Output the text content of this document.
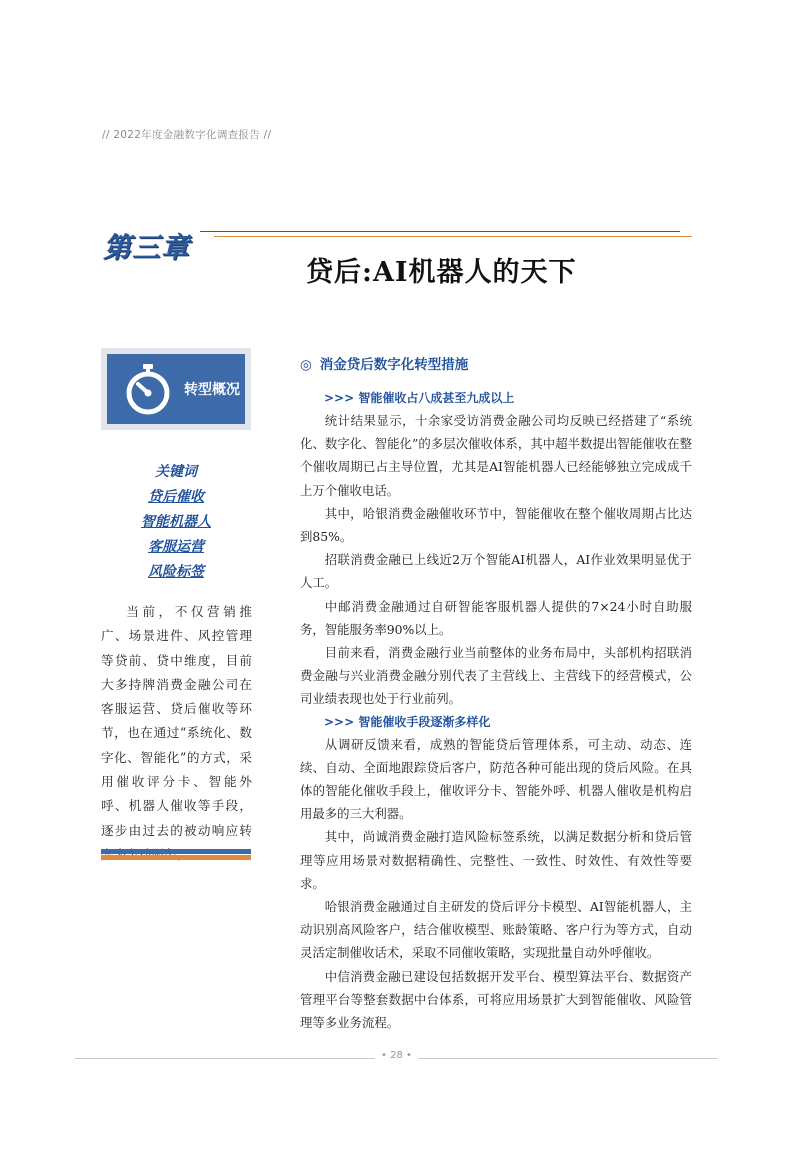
// 2022年度金融数字化调查报告 //
第三章
贷后:AI机器人的天下
转型概况
关键词
贷后催收
智能机器人
客服运营
风险标签

当前，不仅营销推广、场景进件、风控管理等贷前、贷中维度，目前大多持牌消费金融公司在客服运营、贷后催收等环节，也在通过“系统化、数字化、智能化”的方式，采用催收评分卡、智能外呼、机器人催收等手段，逐步由过去的被动响应转

◎ 消金贷后数字化转型措施
>>> 智能催收占八成甚至九成以上

统计结果显示，十余家受访消费金融公司均反映已经搭建了“系统化、数字化、智能化”的多层次催收体系，其中超半数提出智能催收在整个催收周期已占主导位置，尤其是AI智能机器人已经能够独立完成成千上万个催收电话。

其中，哈银消费金融催收环节中，智能催收在整个催收周期占比达到85%。

招联消费金融已上线近2万个智能AI机器人，AI作业效果明显优于人工。

中邮消费金融通过自研智能客服机器人提供的7×24小时自助服务，智能服务率90%以上。

目前来看，消费金融行业当前整体的业务布局中，头部机构招联消费金融与兴业消费金融分别代表了主营线上、主营线下的经营模式，公司业绩表现也处于行业前列。

>>> 智能催收手段逐渐多样化

从调研反馈来看，成熟的智能贷后管理体系，可主动、动态、连续、自动、全面地跟踪贷后客户，防范各种可能出现的贷后风险。在具体的智能化催收手段上，催收评分卡、智能外呼、机器人催收是机构启用最多的三大利器。

其中，尚诚消费金融打造风险标签系统，以满足数据分析和贷后管理等应用场景对数据精确性、完整性、一致性、时效性、有效性等要求。

哈银消费金融通过自主研发的贷后评分卡模型、AI智能机器人，主动识别高风险客户，结合催收模型、账龄策略、客户行为等方式，自动灵活定制催收话术，采取不同催收策略，实现批量自动外呼催收。

中信消费金融已建设包括数据开发平台、模型算法平台、数据资产管理平台等整套数据中台体系，可将应用场景扩大到智能催收、风险管理等多业务流程。

• 28 •
